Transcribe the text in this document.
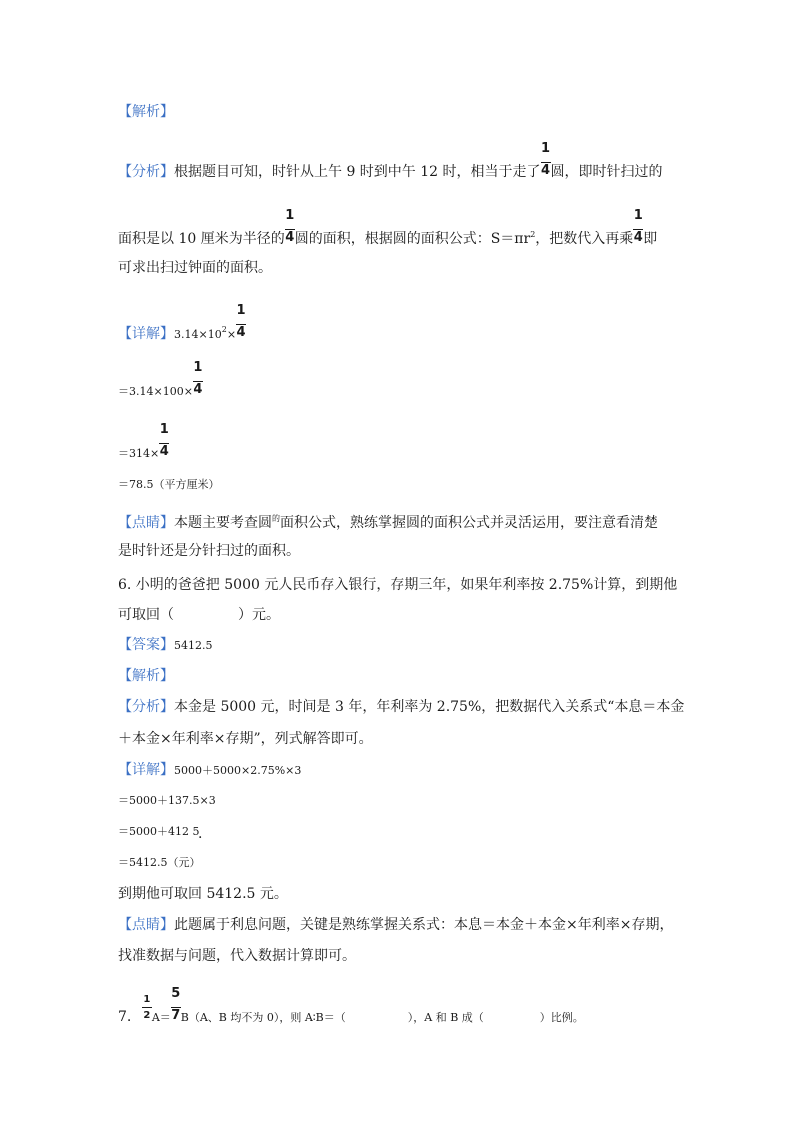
【解析】
【分析】根据题目可知，时针从上午 9 时到中午 12 时，相当于走了 $\frac{1}{4}$ 圆，即时针扫过的
面积是以 10 厘米为半径的 $\frac{1}{4}$ 圆的面积，根据圆的面积公式：$S=\pi r^2$，把数代入再乘 $\frac{1}{4}$ 即
可求出扫过钟面的面积。
【详解】$3.14\times 10^2\times \frac{1}{4}$
$=3.14\times 100\times \frac{1}{4}$
$=314\times \frac{1}{4}$
＝78.5（平方厘米）
【点睛】本题主要考查圆$^的$面积公式，熟练掌握圆的面积公式并灵活运用，要注意看清楚
是时针还是分针扫过的面积。
6. 小明的爸爸把 5000 元人民币存入银行，存期三年，如果年利率按 2.75%计算，到期他
可取回（	）元。
【答案】5412.5
【解析】
【分析】本金是 5000 元，时间是 3 年，年利率为 2.75%，把数据代入关系式“本息＝本金
＋本金×年利率×存期”，列式解答即可。
【详解】5000＋5000×2.75%×3
＝5000＋137.5×3
＝5000＋412 5
·
＝5412.5（元）
到期他可取回 5412.5 元。
【点睛】此题属于利息问题，关键是熟练掌握关系式：本息＝本金＋本金×年利率×存期，
找准数据与问题，代入数据计算即可。
7. $\frac{1}{2} A= \frac{5}{7} B(A$、B 均不为 0），则 A∶B＝（	），A 和 B 成（	）比例。
